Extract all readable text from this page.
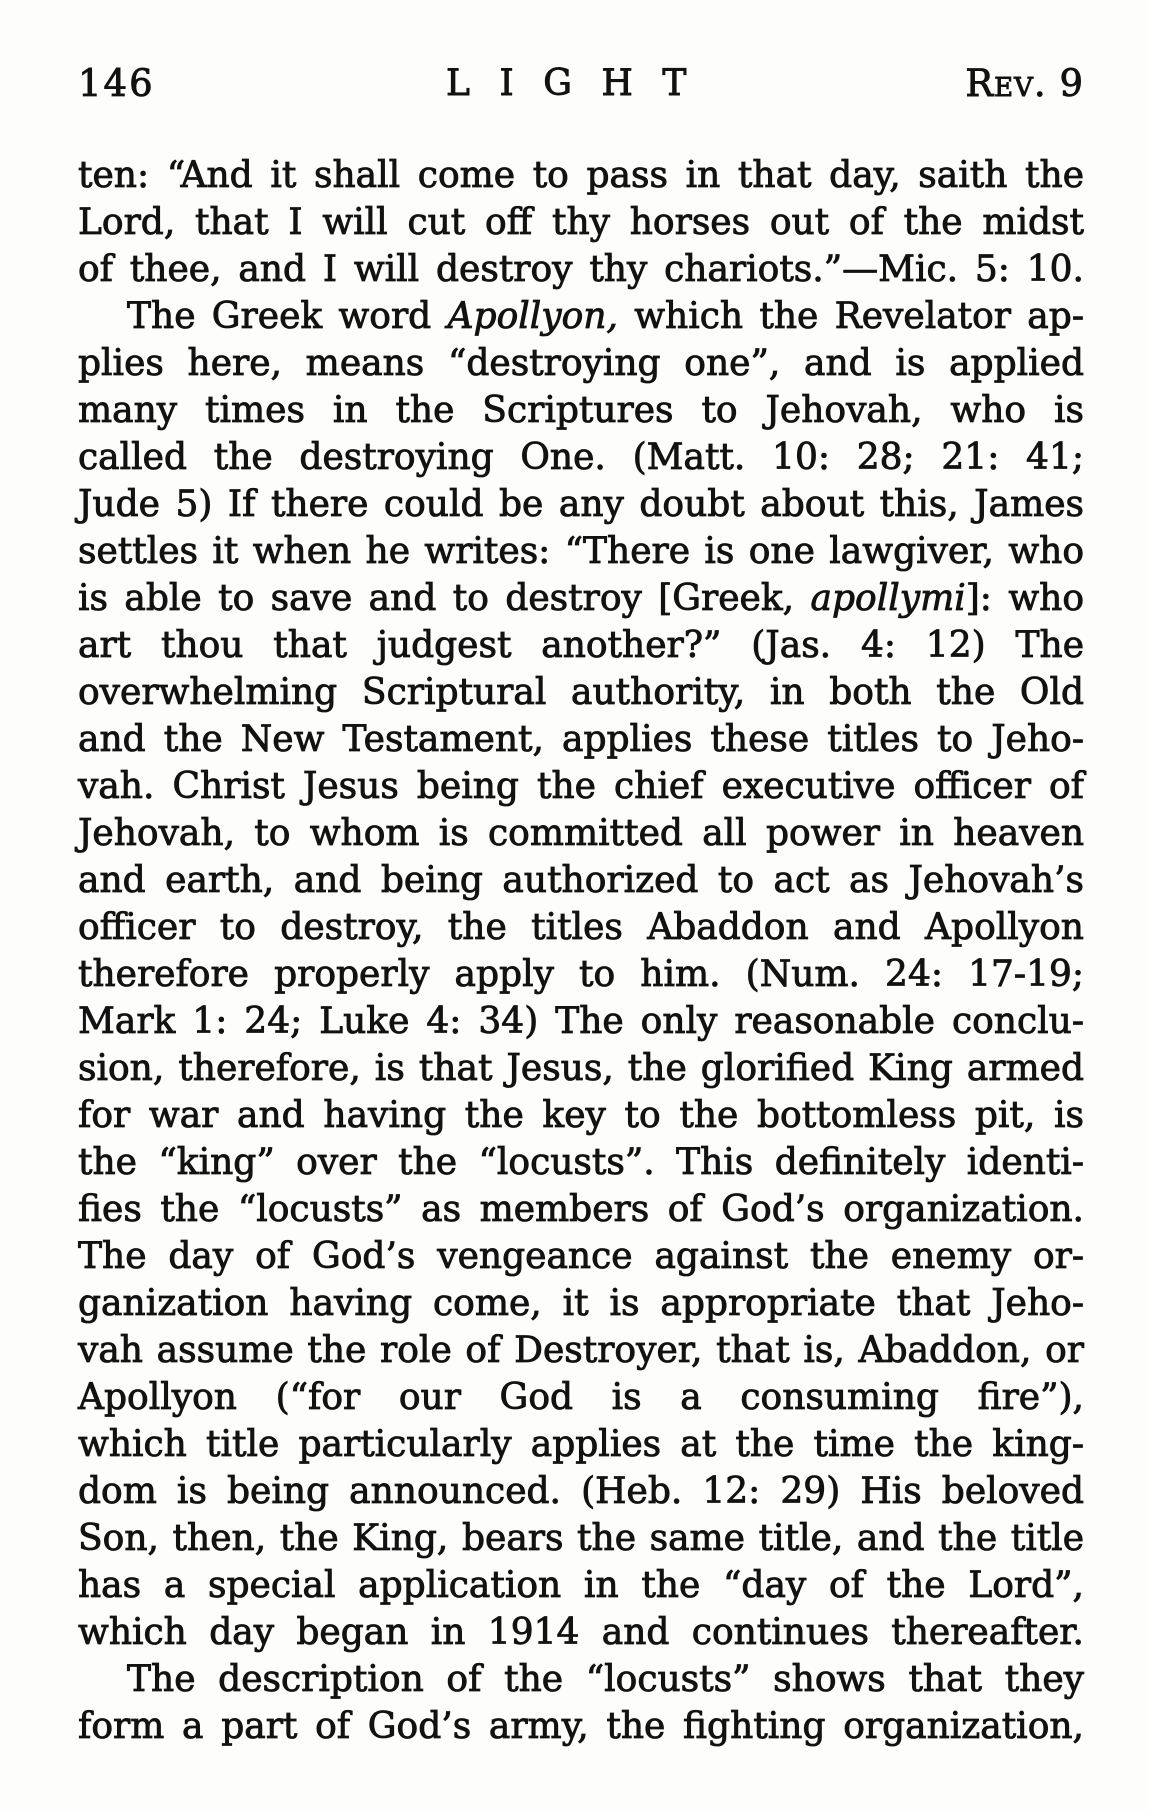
146	LIGHT	Rev. 9
ten: “And it shall come to pass in that day, saith the
Lord, that I will cut off thy horses out of the midst
of thee, and I will destroy thy chariots.”—Mic. 5: 10.
The Greek word Apollyon, which the Revelator ap-
plies here, means “destroying one”, and is applied
many times in the Scriptures to Jehovah, who is
called the destroying One. (Matt. 10: 28; 21: 41;
Jude 5) If there could be any doubt about this, James
settles it when he writes: “There is one lawgiver, who
is able to save and to destroy [Greek, apollymi]: who
art thou that judgest another?” (Jas. 4: 12) The
overwhelming Scriptural authority, in both the Old
and the New Testament, applies these titles to Jeho-
vah. Christ Jesus being the chief executive officer of
Jehovah, to whom is committed all power in heaven
and earth, and being authorized to act as Jehovah’s
officer to destroy, the titles Abaddon and Apollyon
therefore properly apply to him. (Num. 24: 17-19;
Mark 1: 24; Luke 4: 34) The only reasonable conclu-
sion, therefore, is that Jesus, the glorified King armed
for war and having the key to the bottomless pit, is
the “king” over the “locusts”. This definitely identi-
fies the “locusts” as members of God’s organization.
The day of God’s vengeance against the enemy or-
ganization having come, it is appropriate that Jeho-
vah assume the role of Destroyer, that is, Abaddon, or
Apollyon (“for our God is a consuming fire”),
which title particularly applies at the time the king-
dom is being announced. (Heb. 12: 29) His beloved
Son, then, the King, bears the same title, and the title
has a special application in the “day of the Lord”,
which day began in 1914 and continues thereafter.
The description of the “locusts” shows that they
form a part of God’s army, the fighting organization,
